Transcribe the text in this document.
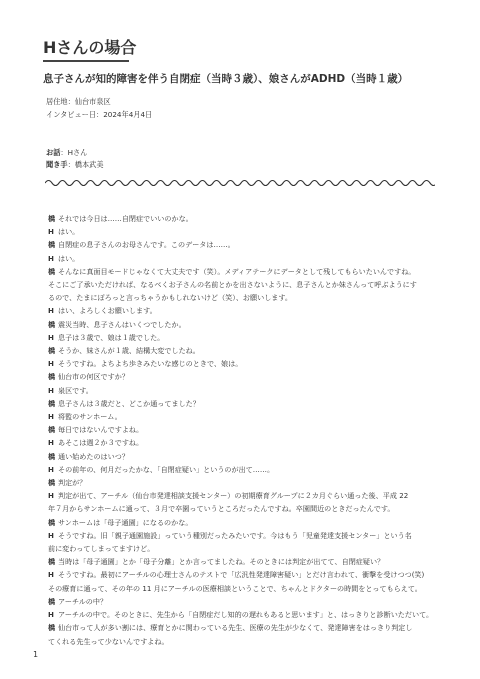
Hさんの場合
息子さんが知的障害を伴う自閉症（当時３歳）、娘さんがADHD（当時１歳）
居住地：仙台市泉区
インタビュー日：2024年4月4日
お話：Hさん
聞き手：橋本武美
橋 それでは今日は……自閉症でいいのかな。
H はい。
橋 自閉症の息子さんのお母さんです。このデータは……。
H はい。
橋 そんなに真面目モードじゃなくて大丈夫です（笑）。メディアテークにデータとして残してもらいたいんですね。
そこにご了承いただければ、なるべくお子さんの名前とかを出さないように、息子さんとか妹さんって呼ぶようにす
るので、たまにぽろっと言っちゃうかもしれないけど（笑）、お願いします。
H はい、よろしくお願いします。
橋 震災当時、息子さんはいくつでしたか。
H 息子は３歳で、娘は１歳でした。
橋 そうか、妹さんが１歳、結構大変でしたね。
H そうですね。よちよち歩きみたいな感じのときで、娘は。
橋 仙台市の何区ですか？
H 泉区です。
橋 息子さんは３歳だと、どこか通ってました？
H 将監のサンホーム。
橋 毎日ではないんですよね。
H あそこは週２か３ですね。
橋 通い始めたのはいつ？
H その前年の、何月だったかな、「自閉症疑い」というのが出て……。
橋 判定が？
H 判定が出て、アーチル（仙台市発達相談支援センター）の初期療育グループに２カ月ぐらい通った後、平成 22
年７月からサンホームに通って、３月で卒園っていうところだったんですね。卒園間近のときだったんです。
橋 サンホームは「母子通園」になるのかな。
H そうですね。旧「親子通園施設」っていう種別だったみたいです。今はもう「児童発達支援センター」という名
前に変わってしまってますけど。
橋 当時は「母子通園」とか「母子分離」とか言ってましたね。そのときには判定が出てて、自閉症疑い？
H そうですね。最初にアーチルの心理士さんのテストで「広汎性発達障害疑い」とだけ言われて、衝撃を受けつつ(笑)
その療育に通って、その年の 11 月にアーチルの医療相談ということで、ちゃんとドクターの時間をとってもらえて。
橋 アーチルの中？
H アーチルの中で。そのときに、先生から「自閉症だし知的の遅れもあると思います」と、はっきりと診断いただいて。
橋 仙台市って人が多い割には、療育とかに関わっている先生、医療の先生が少なくて、発達障害をはっきり判定し
てくれる先生って少ないんですよね。
1
